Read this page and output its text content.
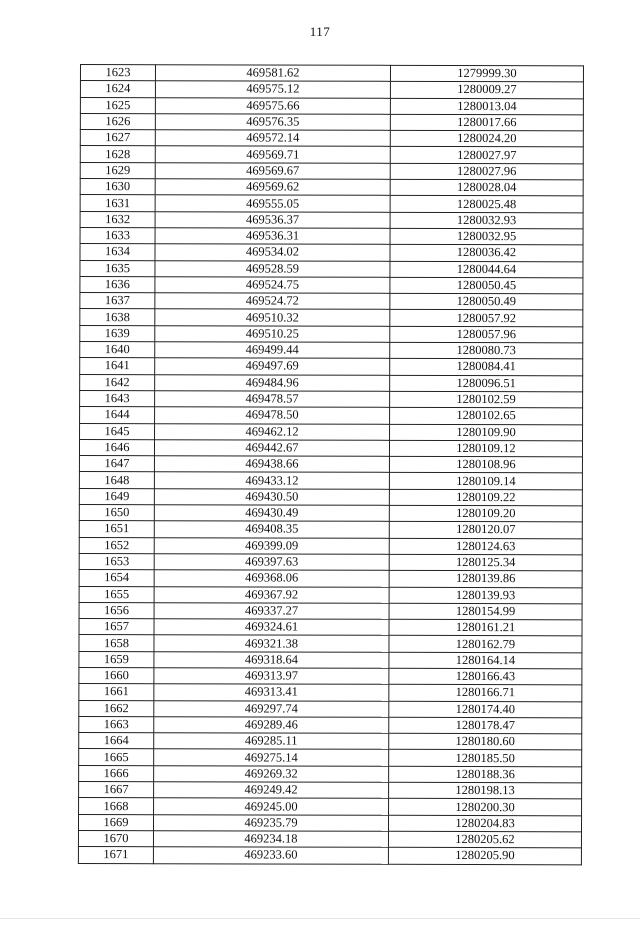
117
1623	469581.62	1279999.30
1624	469575.12	1280009.27
1625	469575.66	1280013.04
1626	469576.35	1280017.66
1627	469572.14	1280024.20
1628	469569.71	1280027.97
1629	469569.67	1280027.96
1630	469569.62	1280028.04
1631	469555.05	1280025.48
1632	469536.37	1280032.93
1633	469536.31	1280032.95
1634	469534.02	1280036.42
1635	469528.59	1280044.64
1636	469524.75	1280050.45
1637	469524.72	1280050.49
1638	469510.32	1280057.92
1639	469510.25	1280057.96
1640	469499.44	1280080.73
1641	469497.69	1280084.41
1642	469484.96	1280096.51
1643	469478.57	1280102.59
1644	469478.50	1280102.65
1645	469462.12	1280109.90
1646	469442.67	1280109.12
1647	469438.66	1280108.96
1648	469433.12	1280109.14
1649	469430.50	1280109.22
1650	469430.49	1280109.20
1651	469408.35	1280120.07
1652	469399.09	1280124.63
1653	469397.63	1280125.34
1654	469368.06	1280139.86
1655	469367.92	1280139.93
1656	469337.27	1280154.99
1657	469324.61	1280161.21
1658	469321.38	1280162.79
1659	469318.64	1280164.14
1660	469313.97	1280166.43
1661	469313.41	1280166.71
1662	469297.74	1280174.40
1663	469289.46	1280178.47
1664	469285.11	1280180.60
1665	469275.14	1280185.50
1666	469269.32	1280188.36
1667	469249.42	1280198.13
1668	469245.00	1280200.30
1669	469235.79	1280204.83
1670	469234.18	1280205.62
1671	469233.60	1280205.90
